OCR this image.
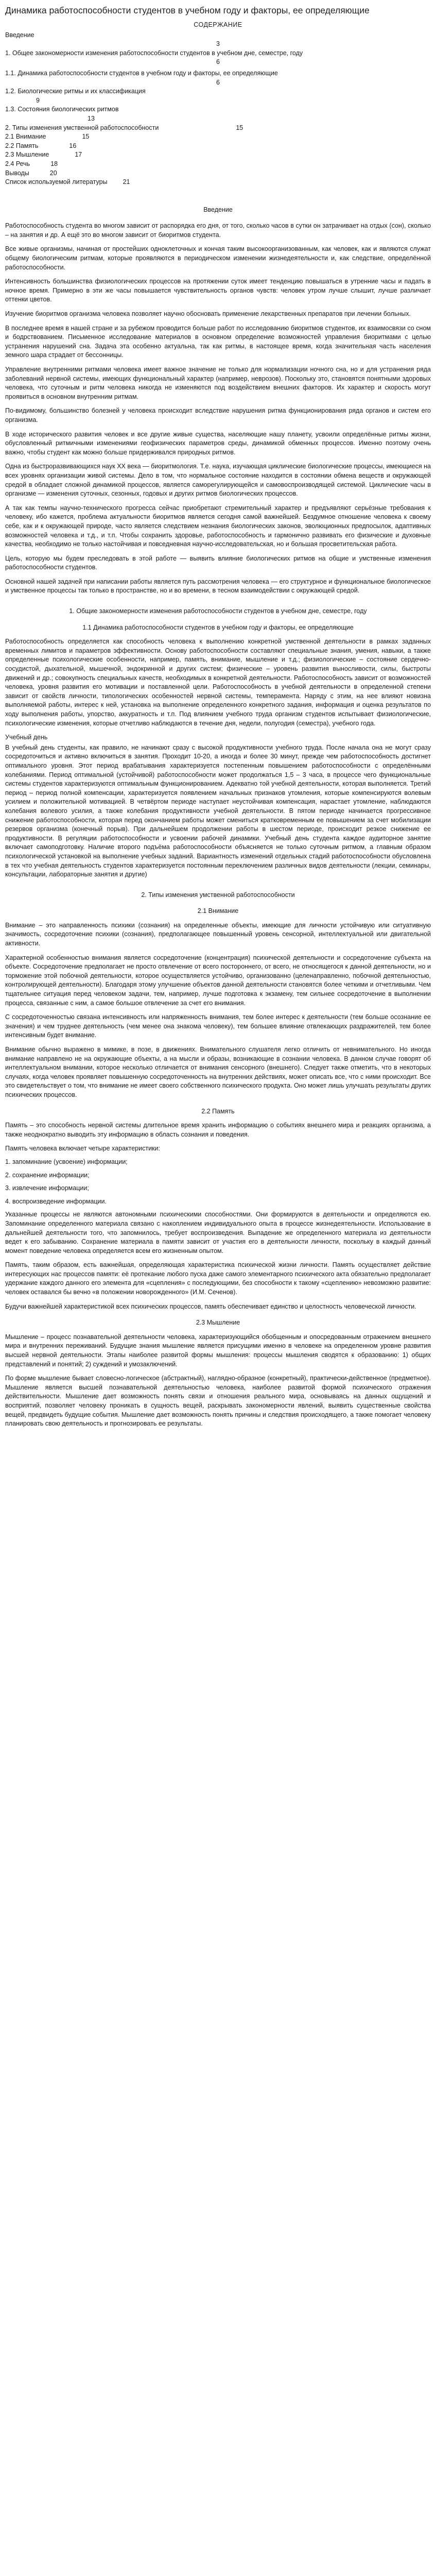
Динамика работоспособности студентов в учебном году и факторы, ее определяющие

СОДЕРЖАНИЕ

Введение

3

1. Общее закономерности изменения работоспособности студентов в учебном дне, семестре, году

6

1.1. Динамика работоспособности студентов в учебном году и факторы, ее определяющие

6

1.2. Биологические ритмы и их классификация

9

1.3. Состояния биологических ритмов

13

2. Типы изменения умственной работоспособности	15

2.1 Внимание	15

2.2 Память	16

2.3 Мышление	17

2.4 Речь	18

Выводы	20

Список используемой литературы 21

Введение

Работоспособность студента во многом зависит от распорядка его дня, от того, сколько часов в сутки он затрачивает на отдых (сон), сколько – на занятия и др. А ещё это во многом зависит от биоритмов студента.

Все живые организмы, начиная от простейших одноклеточных и кончая таким высокоорганизованным, как человек, как и являются служат общему биологическим ритмам, которые проявляются в периодическом изменении жизнедеятельности и, как следствие, определённой работоспособности.

Интенсивность большинства физиологических процессов на протяжении суток имеет тенденцию повышаться в утренние часы и падать в ночное время. Примерно в эти же часы повышается чувствительность органов чувств: человек утром лучше слышит, лучше различает оттенки цветов.

Изучение биоритмов организма человека позволяет научно обосновать применение лекарственных препаратов при лечении больных.

В последнее время в нашей стране и за рубежом проводится больше работ по исследованию биоритмов студентов, их взаимосвязи со сном и бодрствованием. Письменное исследование материалов в основном определение возможностей управления биоритмами с целью устранения нарушений сна. Задача эта особенно актуальна, так как ритмы, в настоящее время, когда значительная часть населения земного шара страдает от бессонницы.

Управление внутренними ритмами человека имеет важное значение не только для нормализации ночного сна, но и для устранения ряда заболеваний нервной системы, имеющих функциональный характер (например, неврозов). Поскольку это, становятся понятными здоровых человека, что суточным и ритм человека никогда не изменяются под воздействием внешних факторов. Их характер и скорость могут проявиться в основном внутренним ритмам.

По-видимому, большинство болезней у человека происходит вследствие нарушения ритма функционирования ряда органов и систем его организма.

В ходе исторического развития человек и все другие живые существа, населяющие нашу планету, усвоили определённые ритмы жизни, обусловленный ритмичными изменениями геофизических параметров среды, динамикой обменных процессов. Именно поэтому очень важно, чтобы студент как можно больше придерживался природных ритмов.

Одна из быстроразвивающихся наук XX века — биоритмология. Т.е. наука, изучающая циклические биологические процессы, имеющиеся на всех уровнях организации живой системы. Дело в том, что нормальное состояние находится в состоянии обмена веществ и окружающей средой в обладает сложной динамикой процессов, является саморегулирующейся и самовоспроизводящей системой. Циклические часы в организме — изменения суточных, сезонных, годовых и других ритмов биологических процессов.

А так как темпы научно-технического прогресса сейчас приобретают стремительный характер и предъявляют серьёзные требования к человеку, ибо кажется, проблема актуальности биоритмов является сегодня самой важнейшей. Бездумное отношение человека к своему себе, как и к окружающей природе, часто является следствием незнания биологических законов, эволюционных предпосылок, адаптивных возможностей человека и т.д., и т.п. Чтобы сохранить здоровье, работоспособность и гармонично развивать его физические и духовные качества, необходимо не только настойчивая и повседневная научно-исследовательская, но и большая просветительская работа.

Цель, которую мы будем преследовать в этой работе — выявить влияние биологических ритмов на общие и умственные изменения работоспособности студентов.

Основной нашей задачей при написании работы является путь рассмотрения человека — его структурное и функциональное биологическое и умственное процессы так только в пространстве, но и во времени, в тесном взаимодействии с окружающей средой.

1. Общие закономерности изменения работоспособности студентов в учебном дне, семестре, году

1.1 Динамика работоспособности студентов в учебном году и факторы, ее определяющие

Работоспособность определяется как способность человека к выполнению конкретной умственной деятельности в рамках заданных временных лимитов и параметров эффективности. Основу работоспособности составляют специальные знания, умения, навыки, а также определенные психологические особенности, например, память, внимание, мышление и т.д.; физиологические – состояние сердечно-сосудистой, дыхательной, мышечной, эндокринной и других систем; физические – уровень развития выносливости, силы, быстроты движений и др.; совокупность специальных качеств, необходимых в конкретной деятельности. Работоспособность зависит от возможностей человека, уровня развития его мотивации и поставленной цели. Работоспособность в учебной деятельности в определенной степени зависит от свойств личности, типологических особенностей нервной системы, темперамента. Наряду с этим, на нее влияют новизна выполняемой работы, интерес к ней, установка на выполнение определенного конкретного задания, информация и оценка результатов по ходу выполнения работы, упорство, аккуратность и т.п. Под влиянием учебного труда организм студентов испытывает физиологические, психологические изменения, которые отчетливо наблюдаются в течение дня, недели, полугодия (семестра), учебного года.

Учебный день

В учебный день студенты, как правило, не начинают сразу с высокой продуктивности учебного труда. После начала она не могут сразу сосредоточиться и активно включиться в занятия. Проходит 10-20, а иногда и более 30 минут, прежде чем работоспособность достигнет оптимального уровня. Этот период врабатывания характеризуется постепенным повышением работоспособности с определёнными колебаниями. Период оптимальной (устойчивой) работоспособности может продолжаться 1,5 – 3 часа, в процессе чего функциональные системы студентов характеризуются оптимальным функционированием. Адекватно той учебной деятельности, которая выполняется. Третий период – период полной компенсации, характеризуется появлением начальных признаков утомления, которые компенсируются волевым усилием и положительной мотивацией. В четвёртом периоде наступает неустойчивая компенсация, нарастает утомление, наблюдаются колебания волевого усилия, а также колебания продуктивности учебной деятельности. В пятом периоде начинается прогрессивное снижение работоспособности, которая перед окончанием работы может смениться кратковременным ее повышением за счет мобилизации резервов организма (конечный порыв). При дальнейшем продолжении работы в шестом периоде, происходит резкое снижение ее продуктивности. В регуляции работоспособности и усвоении рабочей динамики. Учебный день студента каждое аудиторное занятие включает самоподготовку. Наличие второго подъёма работоспособности объясняется не только суточным ритмом, а главным образом психологической установкой на выполнение учебных заданий. Вариантность изменений отдельных стадий работоспособности обусловлена в тех что учебная деятельность студентов характеризуется постоянным переключением различных видов деятельности (лекции, семинары, консультации, лабораторные занятия и другие)

2. Типы изменения умственной работоспособности

2.1 Внимание

Внимание – это направленность психики (сознания) на определенные объекты, имеющие для личности устойчивую или ситуативную значимость, сосредоточение психики (сознания), предполагающее повышенный уровень сенсорной, интеллектуальной или двигательной активности.

Характерной особенностью внимания является сосредоточение (концентрация) психической деятельности и сосредоточение субъекта на объекте. Сосредоточение предполагает не просто отвлечение от всего постороннего, от всего, не относящегося к данной деятельности, но и торможение этой побочной деятельности, которое осуществляется устойчиво, организованно (целенаправленно, побочной деятельностью, контролирующей деятельности). Благодаря этому улучшение объектов данной деятельности становятся более четкими и отчетливыми. Чем тщательнее ситуация перед человеком задачи, тем, например, лучше подготовка к экзамену, тем сильнее сосредоточение в выполнении процесса, связанные с ним, а самое большое отвлечение за счет его внимания.

С сосредоточенностью связана интенсивность или напряженность внимания, тем более интерес к деятельности (тем больше осознание ее значения) и чем труднее деятельность (чем менее она знакома человеку), тем большее влияние отвлекающих раздражителей, тем более интенсивным будет внимание.

Внимание обычно выражено в мимике, в позе, в движениях. Внимательного слушателя легко отличить от невнимательного. Но иногда внимание направлено не на окружающие объекты, а на мысли и образы, возникающие в сознании человека. В данном случае говорят об интеллектуальном внимании, которое несколько отличается от внимания сенсорного (внешнего). Следует также отметить, что в некоторых случаях, когда человек проявляет повышенную сосредоточенность на внутренних действиях, может описать все, что с ними происходит. Все это свидетельствует о том, что внимание не имеет своего собственного психического продукта. Оно может лишь улучшать результаты других психических процессов.

2.2 Память

Память – это способность нервной системы длительное время хранить информацию о событиях внешнего мира и реакциях организма, а также неоднократно выводить эту информацию в область сознания и поведения.

Память человека включает четыре характеристики:

1. запоминание (усвоение) информации;

2. сохранение информации;

3. извлечение информации;

4. воспроизведение информации.

Указанные процессы не являются автономными психическими способностями. Они формируются в деятельности и определяются ею. Запоминание определенного материала связано с накоплением индивидуального опыта в процессе жизнедеятельности. Использование в дальнейшей деятельности того, что запомнилось, требует воспроизведения. Выпадение же определенного материала из деятельности ведет к его забыванию. Сохранение материала в памяти зависит от участия его в деятельности личности, поскольку в каждый данный момент поведение человека определяется всем его жизненным опытом.

Память, таким образом, есть важнейшая, определяющая характеристика психической жизни личности. Память осуществляет действие интересующих нас процессов памяти: её протекание любого пуска даже самого элементарного психического акта обязательно предполагает удержание каждого данного его элемента для «сцепления» с последующими, без способности к такому «сцеплению» невозможно развитие: человек оставался бы вечно «в положении новорожденного» (И.М. Сеченов).

Будучи важнейшей характеристикой всех психических процессов, память обеспечивает единство и целостность человеческой личности.

2.3 Мышление

Мышление – процесс познавательной деятельности человека, характеризующийся обобщенным и опосредованным отражением внешнего мира и внутренних переживаний. Будущие знания мышление является присущими именно в человеке на определенном уровне развития высшей нервной деятельности. Этапы наиболее развитой формы мышления: процессы мышления сводятся к образованию: 1) общих представлений и понятий; 2) суждений и умозаключений.

По форме мышление бывает словесно-логическое (абстрактный), наглядно-образное (конкретный), практически-действенное (предметное). Мышление является высшей познавательной деятельностью человека, наиболее развитой формой психического отражения действительности. Мышление дает возможность понять связи и отношения реального мира, основываясь на данных ощущений и восприятий, позволяет человеку проникать в сущность вещей, раскрывать закономерности явлений, выявить существенные свойства вещей, предвидеть будущие события. Мышление дает возможность понять причины и следствия происходящего, а также помогает человеку планировать свою деятельность и прогнозировать ее результаты.
